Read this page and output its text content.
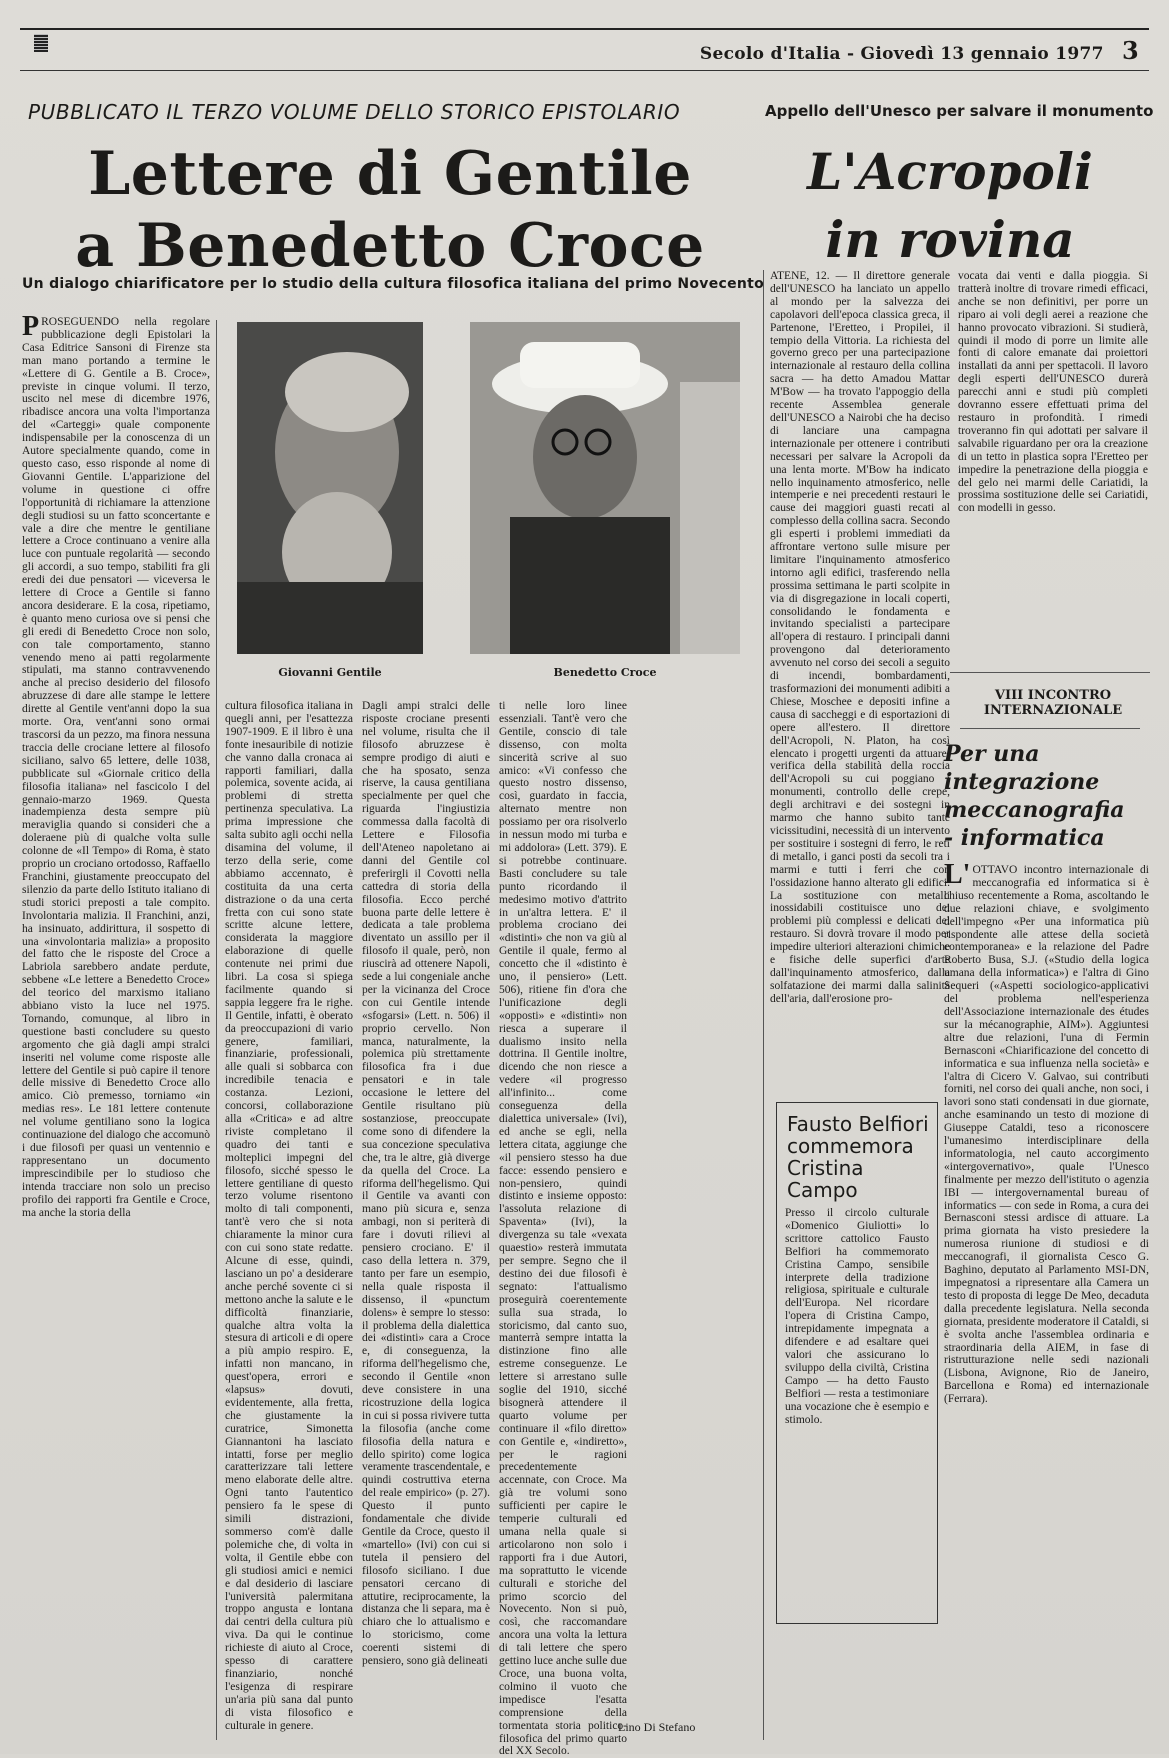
Secolo d'Italia - Giovedì 13 gennaio 1977 3
PUBBLICATO IL TERZO VOLUME DELLO STORICO EPISTOLARIO	Appello dell'Unesco per salvare il monumento
Lettere di Gentile
a Benedetto Croce
L'Acropoli
in rovina
Un dialogo chiarificatore per lo studio della cultura filosofica italiana del primo Novecento
Giovanni Gentile	Benedetto Croce
PROSEGUENDO nella regolare pubblicazione degli Epistolari la Casa Editrice Sansoni di Firenze sta man mano portando a termine le «Lettere di G. Gentile a B. Croce», previste in cinque volumi. Il terzo, uscito nel mese di dicembre 1976, ribadisce ancora una volta l'importanza del «Carteggi» quale componente indispensabile per la conoscenza di un Autore specialmente quando, come in questo caso, esso risponde al nome di Giovanni Gentile. L'apparizione del volume in questione ci offre l'opportunità di richiamare la attenzione degli studiosi su un fatto sconcertante e vale a dire che mentre le gentiliane lettere a Croce continuano a venire alla luce con puntuale regolarità — secondo gli accordi, a suo tempo, stabiliti fra gli eredi dei due pensatori — viceversa le lettere di Croce a Gentile si fanno ancora desiderare. E la cosa, ripetiamo, è quanto meno curiosa ove si pensi che gli eredi di Benedetto Croce non solo, con tale comportamento, stanno venendo meno ai patti regolarmente stipulati, ma stanno contravvenendo anche al preciso desiderio del filosofo abruzzese di dare alle stampe le lettere dirette al Gentile vent'anni dopo la sua morte. Ora, vent'anni sono ormai trascorsi da un pezzo, ma finora nessuna traccia delle crociane lettere al filosofo siciliano, salvo 65 lettere, delle 1038, pubblicate sul «Giornale critico della filosofia italiana» nel fascicolo I del gennaio-marzo 1969. Questa inadempienza desta sempre più meraviglia quando si consideri che a doleraene più di qualche volta sulle colonne de «Il Tempo» di Roma, è stato proprio un crociano ortodosso, Raffaello Franchini, giustamente preoccupato del silenzio da parte dello Istituto italiano di studi storici preposti a tale compito. Involontaria malizia. Il Franchini, anzi, ha insinuato, addirittura, il sospetto di una «involontaria malizia» a proposito del fatto che le risposte del Croce a Labriola sarebbero andate perdute, sebbene «Le lettere a Benedetto Croce» del teorico del marxismo italiano abbiano visto la luce nel 1975. Tornando, comunque, al libro in questione basti concludere su questo argomento che già dagli ampi stralci inseriti nel volume come risposte alle lettere del Gentile si può capire il tenore delle missive di Benedetto Croce allo amico. Ciò premesso, torniamo «in medias res». Le 181 lettere contenute nel volume gentiliano sono la logica continuazione del dialogo che accomunò i due filosofi per quasi un ventennio e rappresentano un documento imprescindibile per lo studioso che intenda tracciare non solo un preciso profilo dei rapporti fra Gentile e Croce, ma anche la storia della
cultura filosofica italiana in quegli anni, per l'esattezza 1907-1909. E il libro è una fonte inesauribile di notizie che vanno dalla cronaca ai rapporti familiari, dalla polemica, sovente acida, ai problemi di stretta pertinenza speculativa. La prima impressione che salta subito agli occhi nella disamina del volume, il terzo della serie, come abbiamo accennato, è costituita da una certa distrazione o da una certa fretta con cui sono state scritte alcune lettere, considerata la maggiore elaborazione di quelle contenute nei primi due libri. La cosa si spiega facilmente quando si sappia leggere fra le righe. Il Gentile, infatti, è oberato da preoccupazioni di vario genere, familiari, finanziarie, professionali, alle quali si sobbarca con incredibile tenacia e costanza. Lezioni, concorsi, collaborazione alla «Critica» e ad altre riviste completano il quadro dei tanti e molteplici impegni del filosofo, sicché spesso le lettere gentiliane di questo terzo volume risentono molto di tali componenti, tant'è vero che si nota chiaramente la minor cura con cui sono state redatte. Alcune di esse, quindi, lasciano un po' a desiderare anche perché sovente ci si mettono anche la salute e le difficoltà finanziarie, qualche altra volta la stesura di articoli e di opere a più ampio respiro. E, infatti non mancano, in quest'opera, errori e «lapsus» dovuti, evidentemente, alla fretta, che giustamente la curatrice, Simonetta Giannantoni ha lasciato intatti, forse per meglio caratterizzare tali lettere meno elaborate delle altre. Ogni tanto l'autentico pensiero fa le spese di simili distrazioni, sommerso com'è dalle polemiche che, di volta in volta, il Gentile ebbe con gli studiosi amici e nemici e dal desiderio di lasciare l'università palermitana troppo angusta e lontana dai centri della cultura più viva. Da qui le continue richieste di aiuto al Croce, spesso di carattere finanziario, nonché l'esigenza di respirare un'aria più sana dal punto di vista filosofico e culturale in genere.
Dagli ampi stralci delle risposte crociane presenti nel volume, risulta che il filosofo abruzzese è sempre prodigo di aiuti e che ha sposato, senza riserve, la causa gentiliana specialmente per quel che riguarda l'ingiustizia commessa dalla facoltà di Lettere e Filosofia dell'Ateneo napoletano ai danni del Gentile col preferirgli il Covotti nella cattedra di storia della filosofia. Ecco perché buona parte delle lettere è dedicata a tale problema diventato un assillo per il filosofo il quale, però, non riuscirà ad ottenere Napoli, sede a lui congeniale anche per la vicinanza del Croce con cui Gentile intende «sfogarsi» (Lett. n. 506) il proprio cervello. Non manca, naturalmente, la polemica più strettamente filosofica fra i due pensatori e in tale occasione le lettere del Gentile risultano più sostanziose, preoccupate come sono di difendere la sua concezione speculativa che, tra le altre, già diverge da quella del Croce. La riforma dell'hegelismo. Qui il Gentile va avanti con mano più sicura e, senza ambagi, non si periterà di fare i dovuti rilievi al pensiero crociano. E' il caso della lettera n. 379, tanto per fare un esempio, nella quale risposta il dissenso, il «punctum dolens» è sempre lo stesso: il problema della dialettica dei «distinti» cara a Croce e, di conseguenza, la riforma dell'hegelismo che, secondo il Gentile «non deve consistere in una ricostruzione della logica in cui si possa rivivere tutta la filosofia (anche come filosofia della natura e dello spirito) come logica veramente trascendentale, e quindi costruttiva eterna del reale empirico» (p. 27). Questo il punto fondamentale che divide Gentile da Croce, questo il «martello» (Ivi) con cui si tutela il pensiero del filosofo siciliano. I due pensatori cercano di attutire, reciprocamente, la distanza che li separa, ma è chiaro che lo attualismo e lo storicismo, come coerenti sistemi di pensiero, sono già delineati
ti nelle loro linee essenziali. Tant'è vero che Gentile, conscio di tale dissenso, con molta sincerità scrive al suo amico: «Vi confesso che questo nostro dissenso, così, guardato in faccia, alternato mentre non possiamo per ora risolverlo in nessun modo mi turba e mi addolora» (Lett. 379). E si potrebbe continuare. Basti concludere su tale punto ricordando il medesimo motivo d'attrito in un'altra lettera. E' il problema crociano dei «distinti» che non va giù al Gentile il quale, fermo al concetto che il «distinto è uno, il pensiero» (Lett. 506), ritiene fin d'ora che l'unificazione degli «opposti» e «distinti» non riesca a superare il dualismo insito nella dottrina. Il Gentile inoltre, dicendo che non riesce a vedere «il progresso all'infinito... come conseguenza della dialettica universale» (Ivi), ed anche se egli, nella lettera citata, aggiunge che «il pensiero stesso ha due facce: essendo pensiero e non-pensiero, quindi distinto e insieme opposto: l'assoluta relazione di Spaventa» (Ivi), la divergenza su tale «vexata quaestio» resterà immutata per sempre. Segno che il destino dei due filosofi è segnato: l'attualismo proseguirà coerentemente sulla sua strada, lo storicismo, dal canto suo, manterrà sempre intatta la distinzione fino alle estreme conseguenze. Le lettere si arrestano sulle soglie del 1910, sicché bisognerà attendere il quarto volume per continuare il «filo diretto» con Gentile e, «indiretto», per le ragioni precedentemente accennate, con Croce. Ma già tre volumi sono sufficienti per capire le temperie culturali ed umana nella quale si articolarono non solo i rapporti fra i due Autori, ma soprattutto le vicende culturali e storiche del primo scorcio del Novecento. Non si può, così, che raccomandare ancora una volta la lettura di tali lettere che spero gettino luce anche sulle due Croce, una buona volta, colmino il vuoto che impedisce l'esatta comprensione della tormentata storia politico-filosofica del primo quarto del XX Secolo.
ATENE, 12. — Il direttore generale dell'UNESCO ha lanciato un appello al mondo per la salvezza dei capolavori dell'epoca classica greca, il Partenone, l'Eretteo, i Propilei, il tempio della Vittoria. La richiesta del governo greco per una partecipazione internazionale al restauro della collina sacra — ha detto Amadou Mattar M'Bow — ha trovato l'appoggio della recente Assemblea generale dell'UNESCO a Nairobi che ha deciso di lanciare una campagna internazionale per ottenere i contributi necessari per salvare la Acropoli da una lenta morte. M'Bow ha indicato nello inquinamento atmosferico, nelle intemperie e nei precedenti restauri le cause dei maggiori guasti recati al complesso della collina sacra. Secondo gli esperti i problemi immediati da affrontare vertono sulle misure per limitare l'inquinamento atmosferico intorno agli edifici, trasferendo nella prossima settimana le parti scolpite in via di disgregazione in locali coperti, consolidando le fondamenta e invitando specialisti a partecipare all'opera di restauro. I principali danni provengono dal deterioramento avvenuto nel corso dei secoli a seguito di incendi, bombardamenti, trasformazioni dei monumenti adibiti a Chiese, Moschee e depositi infine a causa di saccheggi e di esportazioni di opere all'estero. Il direttore dell'Acropoli, N. Platon, ha così elencato i progetti urgenti da attuare: verifica della stabilità della roccia dell'Acropoli su cui poggiano i monumenti, controllo delle crepe, degli architravi e dei sostegni in marmo che hanno subito tante vicissitudini, necessità di un intervento per sostituire i sostegni di ferro, le reti di metallo, i ganci posti da secoli tra i marmi e tutti i ferri che con l'ossidazione hanno alterato gli edifici. La sostituzione con metalli inossidabili costituisce uno dei problemi più complessi e delicati del restauro. Si dovrà trovare il modo per impedire ulteriori alterazioni chimiche e fisiche delle superfici d'arte dall'inquinamento atmosferico, dalla solfatazione dei marmi dalla salinità dell'aria, dall'erosione pro-
vocata dai venti e dalla pioggia. Si tratterà inoltre di trovare rimedi efficaci, anche se non definitivi, per porre un riparo ai voli degli aerei a reazione che hanno provocato vibrazioni. Si studierà, quindi il modo di porre un limite alle fonti di calore emanate dai proiettori installati da anni per spettacoli. Il lavoro degli esperti dell'UNESCO durerà parecchi anni e studi più completi dovranno essere effettuati prima del restauro in profondità. I rimedi troveranno fin qui adottati per salvare il salvabile riguardano per ora la creazione di un tetto in plastica sopra l'Eretteo per impedire la penetrazione della pioggia e del gelo nei marmi delle Cariatidi, la prossima sostituzione delle sei Cariatidi, con modelli in gesso.
VIII INCONTRO
INTERNAZIONALE
Per una
integrazione
meccanografia
- informatica
L'OTTAVO incontro internazionale di meccanografia ed informatica si è chiuso recentemente a Roma, ascoltando le due relazioni chiave, e svolgimento dell'impegno «Per una informatica più rispondente alle attese della società contemporanea» e la relazione del Padre Roberto Busa, S.J. («Studio della logica umana della informatica») e l'altra di Gino Sequeri («Aspetti sociologico-applicativi del problema nell'esperienza dell'Associazione internazionale des études sur la mécanographie, AIM»). Aggiuntesi altre due relazioni, l'una di Fermin Bernasconi «Chiarificazione del concetto di informatica e sua influenza nella società» e l'altra di Cicero V. Galvao, sui contributi forniti, nel corso dei quali anche, non soci, i lavori sono stati condensati in due giornate, anche esaminando un testo di mozione di Giuseppe Cataldi, teso a riconoscere l'umanesimo interdisciplinare della informatologia, nel cauto accorgimento «intergovernativo», quale l'Unesco finalmente per mezzo dell'istituto o agenzia IBI — intergovernamental bureau of informatics — con sede in Roma, a cura dei Bernasconi stessi ardisce di attuare. La prima giornata ha visto presiedere la numerosa riunione di studiosi e di meccanografi, il giornalista Cesco G. Baghino, deputato al Parlamento MSI-DN, impegnatosi a ripresentare alla Camera un testo di proposta di legge De Meo, decaduta dalla precedente legislatura. Nella seconda giornata, presidente moderatore il Cataldi, si è svolta anche l'assemblea ordinaria e straordinaria della AIEM, in fase di ristrutturazione nelle sedi nazionali (Lisbona, Avignone, Rio de Janeiro, Barcellona e Roma) ed internazionale (Ferrara).
Fausto Belfiori
commemora
Cristina Campo
Presso il circolo culturale «Domenico Giuliotti» lo scrittore cattolico Fausto Belfiori ha commemorato Cristina Campo, sensibile interprete della tradizione religiosa, spirituale e culturale dell'Europa. Nel ricordare l'opera di Cristina Campo, intrepidamente impegnata a difendere e ad esaltare quei valori che assicurano lo sviluppo della civiltà, Cristina Campo — ha detto Fausto Belfiori — resta a testimoniare una vocazione che è esempio e stimolo.
Lino Di Stefano
